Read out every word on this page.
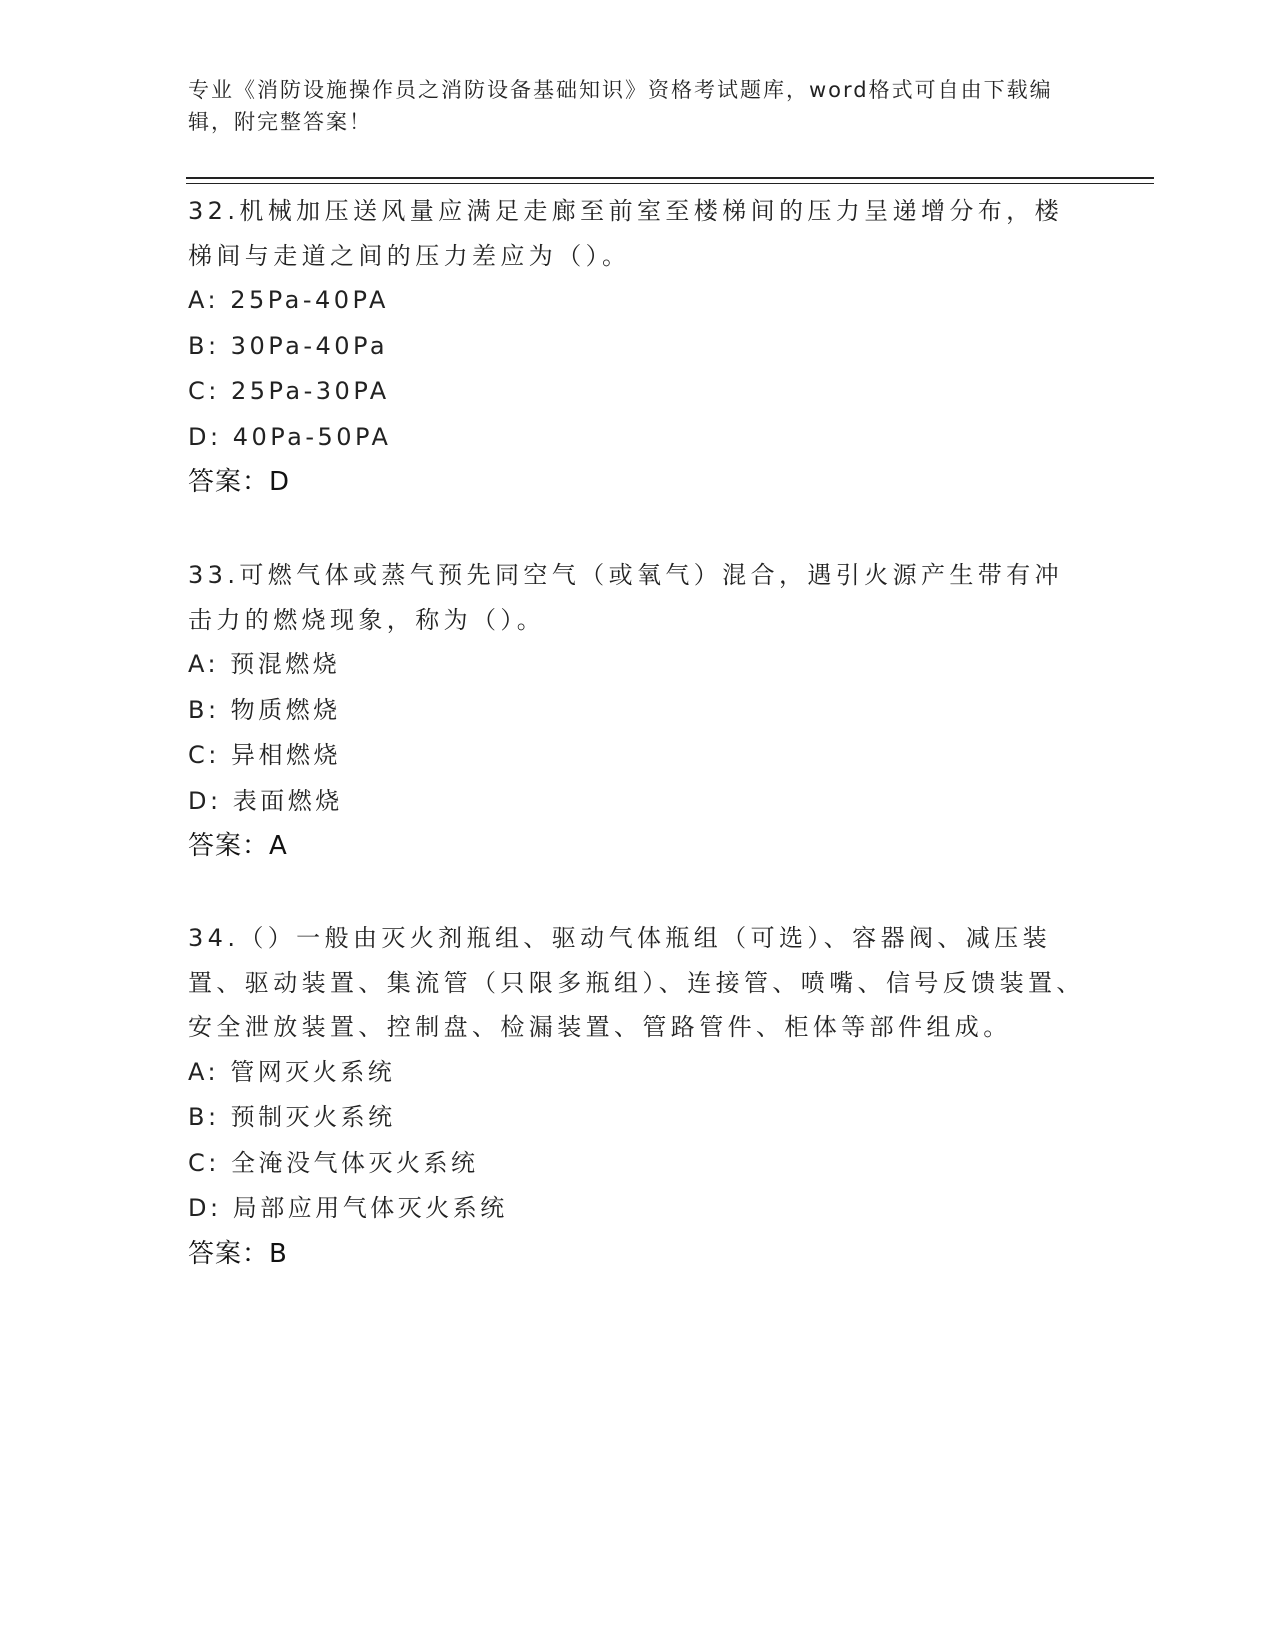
专业《消防设施操作员之消防设备基础知识》资格考试题库，word格式可自由下载编辑，附完整答案！

32.机械加压送风量应满足走廊至前室至楼梯间的压力呈递增分布，楼梯间与走道之间的压力差应为（）。

A: 25Pa-40PA

B: 30Pa-40Pa

C: 25Pa-30PA

D: 40Pa-50PA

答案：D

33.可燃气体或蒸气预先同空气（或氧气）混合，遇引火源产生带有冲击力的燃烧现象，称为（）。

A: 预混燃烧

B: 物质燃烧

C: 异相燃烧

D: 表面燃烧

答案：A

34.（）一般由灭火剂瓶组、驱动气体瓶组（可选）、容器阀、减压装置、驱动装置、集流管（只限多瓶组）、连接管、喷嘴、信号反馈装置、安全泄放装置、控制盘、检漏装置、管路管件、柜体等部件组成。

A: 管网灭火系统

B: 预制灭火系统

C: 全淹没气体灭火系统

D: 局部应用气体灭火系统

答案：B
